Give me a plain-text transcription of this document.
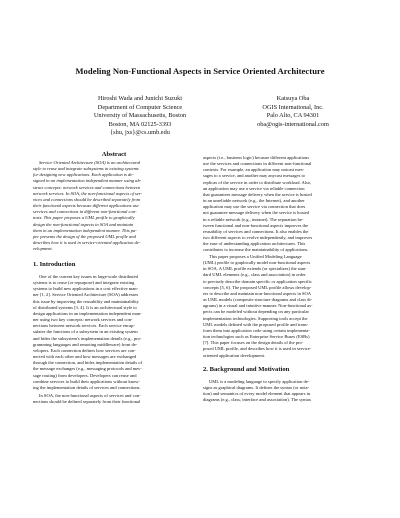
Modeling Non-Functional Aspects in Service Oriented Architecture
Hiroshi Wada and Junichi Suzuki
Department of Computer Science
University of Massachusetts, Boston
Boston, MA 02125-3393
{shu, jxs}@cs.umb.edu
Katsuya Oba
OGIS International, Inc.
Palo Alto, CA 94301
oba@ogis-international.com
Abstract
Service Oriented Architecture (SOA) is an architectural
style to reuse and integrate subsystems in existing systems
for designing new applications. Each application is de-
signed in an implementation independent manner using ab-
stract concepts: network services and connections between
network services. In SOA, the non-functional aspects of ser-
vices and connections should be described separately from
their functional aspects because different applications use
services and connections in different non-functional con-
texts. This paper proposes a UML profile to graphically
design the non-functional aspects in SOA and maintain
them in an implementation independent manner. This pa-
per presents the design of the proposed UML profile and
describes how it is used in service-oriented application de-
velopment.
1. Introduction
One of the current key issues in large-scale distributed
systems is to reuse (or repurpose) and integrate existing
systems to build new applications in a cost effective man-
ner [1, 2]. Service Oriented Architecture (SOA) addresses
this issue by improving the reusability and maintainability
of distributed systems [3, 4]. It is an architectural style to
design applications in an implementation independent man-
ner using two key concepts: network services and con-
nections between network services. Each service encap-
sulates the functions of a subsystem in an existing system
and hides the subsystem's implementation details (e.g., pro-
gramming languages and remoting middleware) from de-
velopers. Each connection defines how services are con-
nected with each other and how messages are exchanged
through the connection, and hides implementation details of
the message exchanges (e.g., messaging protocols and mes-
sage routing) from developers. Developers can reuse and
combine services to build their applications without know-
ing the implementation details of services and connections.
In SOA, the non-functional aspects of services and con-
nections should be defined separately from their functional
aspects (i.e., business logic) because different applications
use the services and connections in different non-functional
contexts. For example, an application may unicast mes-
sages to a service, and another may anycast messages to
replicas of the service in order to distribute workload. Also,
an application may use a service via reliable connection
that guarantees message delivery when the service is hosted
in an unreliable network (e.g., the Internet), and another
application may use the service via connection that does
not guarantee message delivery when the service is hosted
in a reliable network (e.g., intranet). The separation be-
tween functional and non-functional aspects improves the
reusability of services and connections. It also enables the
two different aspects to evolve independently, and improves
the ease of understanding application architectures. This
contributes to increase the maintainability of applications.
This paper proposes a Unified Modeling Language
(UML) profile to graphically model non-functional aspects
in SOA. A UML profile extends (or specializes) the stan-
dard UML elements (e.g., class and association) in order
to precisely describe domain specific or application specific
concepts [5, 6]. The proposed UML profile allows develop-
ers to describe and maintain non-functional aspects in SOA
as UML models (composite structure diagrams and class di-
agrams) in a visual and intuitive manner. Non-functional as-
pects can be modeled without depending on any particular
implementation technologies. Supporting tools accept the
UML models defined with the proposed profile and trans-
form them into application code using certain implementa-
tion technologies such as Enterprise Service Buses (ESBs)
[7]. This paper focuses on the design details of the pro-
posed UML profile, and describes how it is used in service-
oriented application development.
2. Background and Motivation
UML is a modeling language to specify application de-
signs as graphical diagrams. It defines the syntax (or nota-
tion) and semantics of every model element that appears in
diagrams (e.g., class, interface and association). The syntax
